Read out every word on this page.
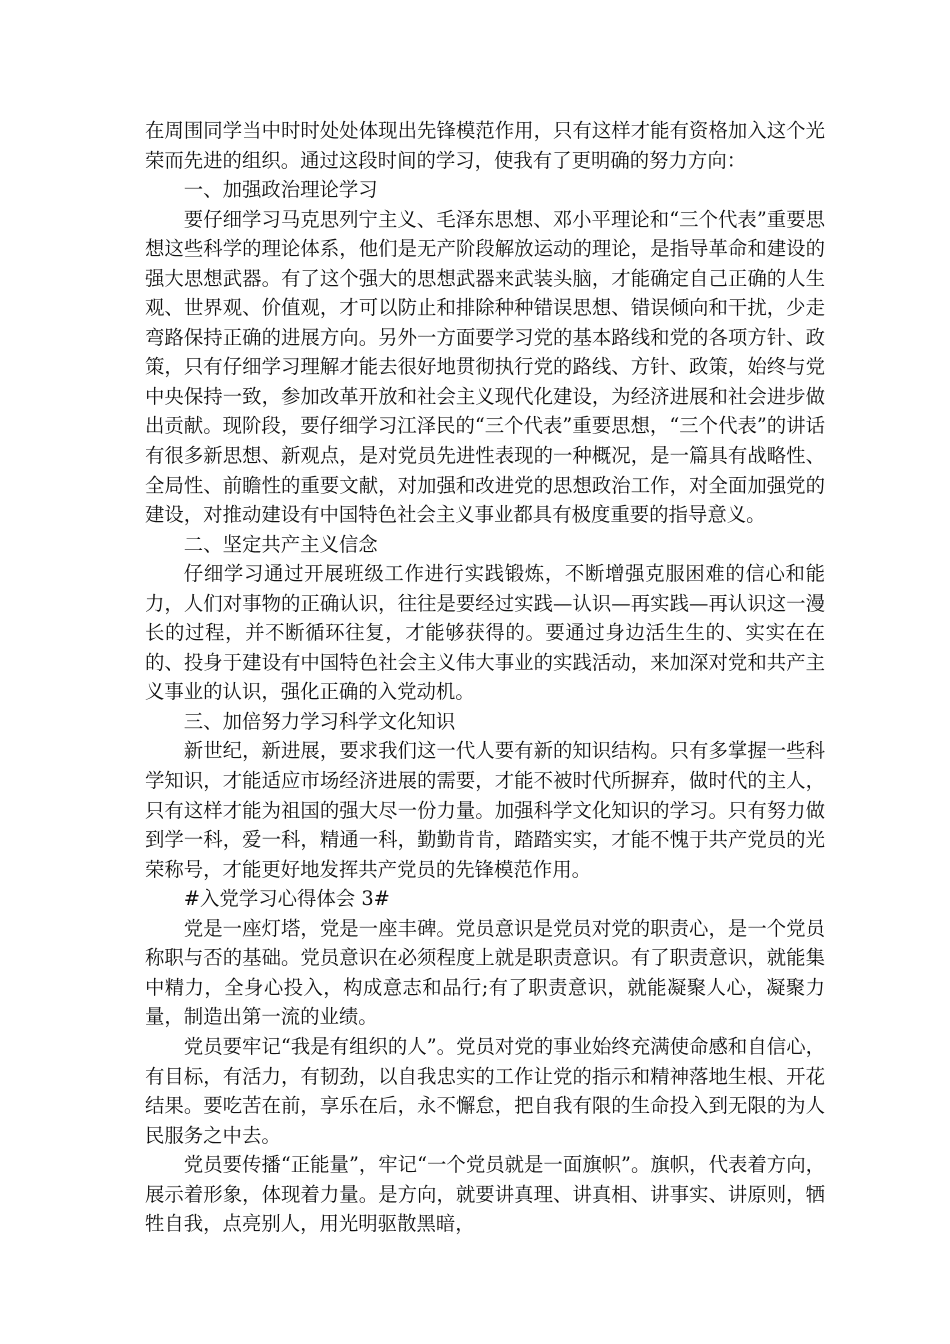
在周围同学当中时时处处体现出先锋模范作用，只有这样才能有资格加入这个光荣而先进的组织。通过这段时间的学习，使我有了更明确的努力方向：

一、加强政治理论学习

要仔细学习马克思列宁主义、毛泽东思想、邓小平理论和“三个代表”重要思想这些科学的理论体系，他们是无产阶段解放运动的理论，是指导革命和建设的强大思想武器。有了这个强大的思想武器来武装头脑，才能确定自己正确的人生观、世界观、价值观，才可以防止和排除种种错误思想、错误倾向和干扰，少走弯路保持正确的进展方向。另外一方面要学习党的基本路线和党的各项方针、政策，只有仔细学习理解才能去很好地贯彻执行党的路线、方针、政策，始终与党中央保持一致，参加改革开放和社会主义现代化建设，为经济进展和社会进步做出贡献。现阶段，要仔细学习江泽民的“三个代表”重要思想，“三个代表”的讲话有很多新思想、新观点，是对党员先进性表现的一种概况，是一篇具有战略性、全局性、前瞻性的重要文献，对加强和改进党的思想政治工作，对全面加强党的建设，对推动建设有中国特色社会主义事业都具有极度重要的指导意义。

二、坚定共产主义信念

仔细学习通过开展班级工作进行实践锻炼，不断增强克服困难的信心和能力，人们对事物的正确认识，往往是要经过实践—认识—再实践—再认识这一漫长的过程，并不断循环往复，才能够获得的。要通过身边活生生的、实实在在的、投身于建设有中国特色社会主义伟大事业的实践活动，来加深对党和共产主义事业的认识，强化正确的入党动机。

三、加倍努力学习科学文化知识

新世纪，新进展，要求我们这一代人要有新的知识结构。只有多掌握一些科学知识，才能适应市场经济进展的需要，才能不被时代所摒弃，做时代的主人，只有这样才能为祖国的强大尽一份力量。加强科学文化知识的学习。只有努力做到学一科，爱一科，精通一科，勤勤肯肯，踏踏实实，才能不愧于共产党员的光荣称号，才能更好地发挥共产党员的先锋模范作用。

#入党学习心得体会 3#

党是一座灯塔，党是一座丰碑。党员意识是党员对党的职责心，是一个党员称职与否的基础。党员意识在必须程度上就是职责意识。有了职责意识，就能集中精力，全身心投入，构成意志和品行;有了职责意识，就能凝聚人心，凝聚力量，制造出第一流的业绩。

党员要牢记“我是有组织的人”。党员对党的事业始终充满使命感和自信心，有目标，有活力，有韧劲，以自我忠实的工作让党的指示和精神落地生根、开花结果。要吃苦在前，享乐在后，永不懈怠，把自我有限的生命投入到无限的为人民服务之中去。

党员要传播“正能量”，牢记“一个党员就是一面旗帜”。旗帜，代表着方向，展示着形象，体现着力量。是方向，就要讲真理、讲真相、讲事实、讲原则，牺牲自我，点亮别人，用光明驱散黑暗，
